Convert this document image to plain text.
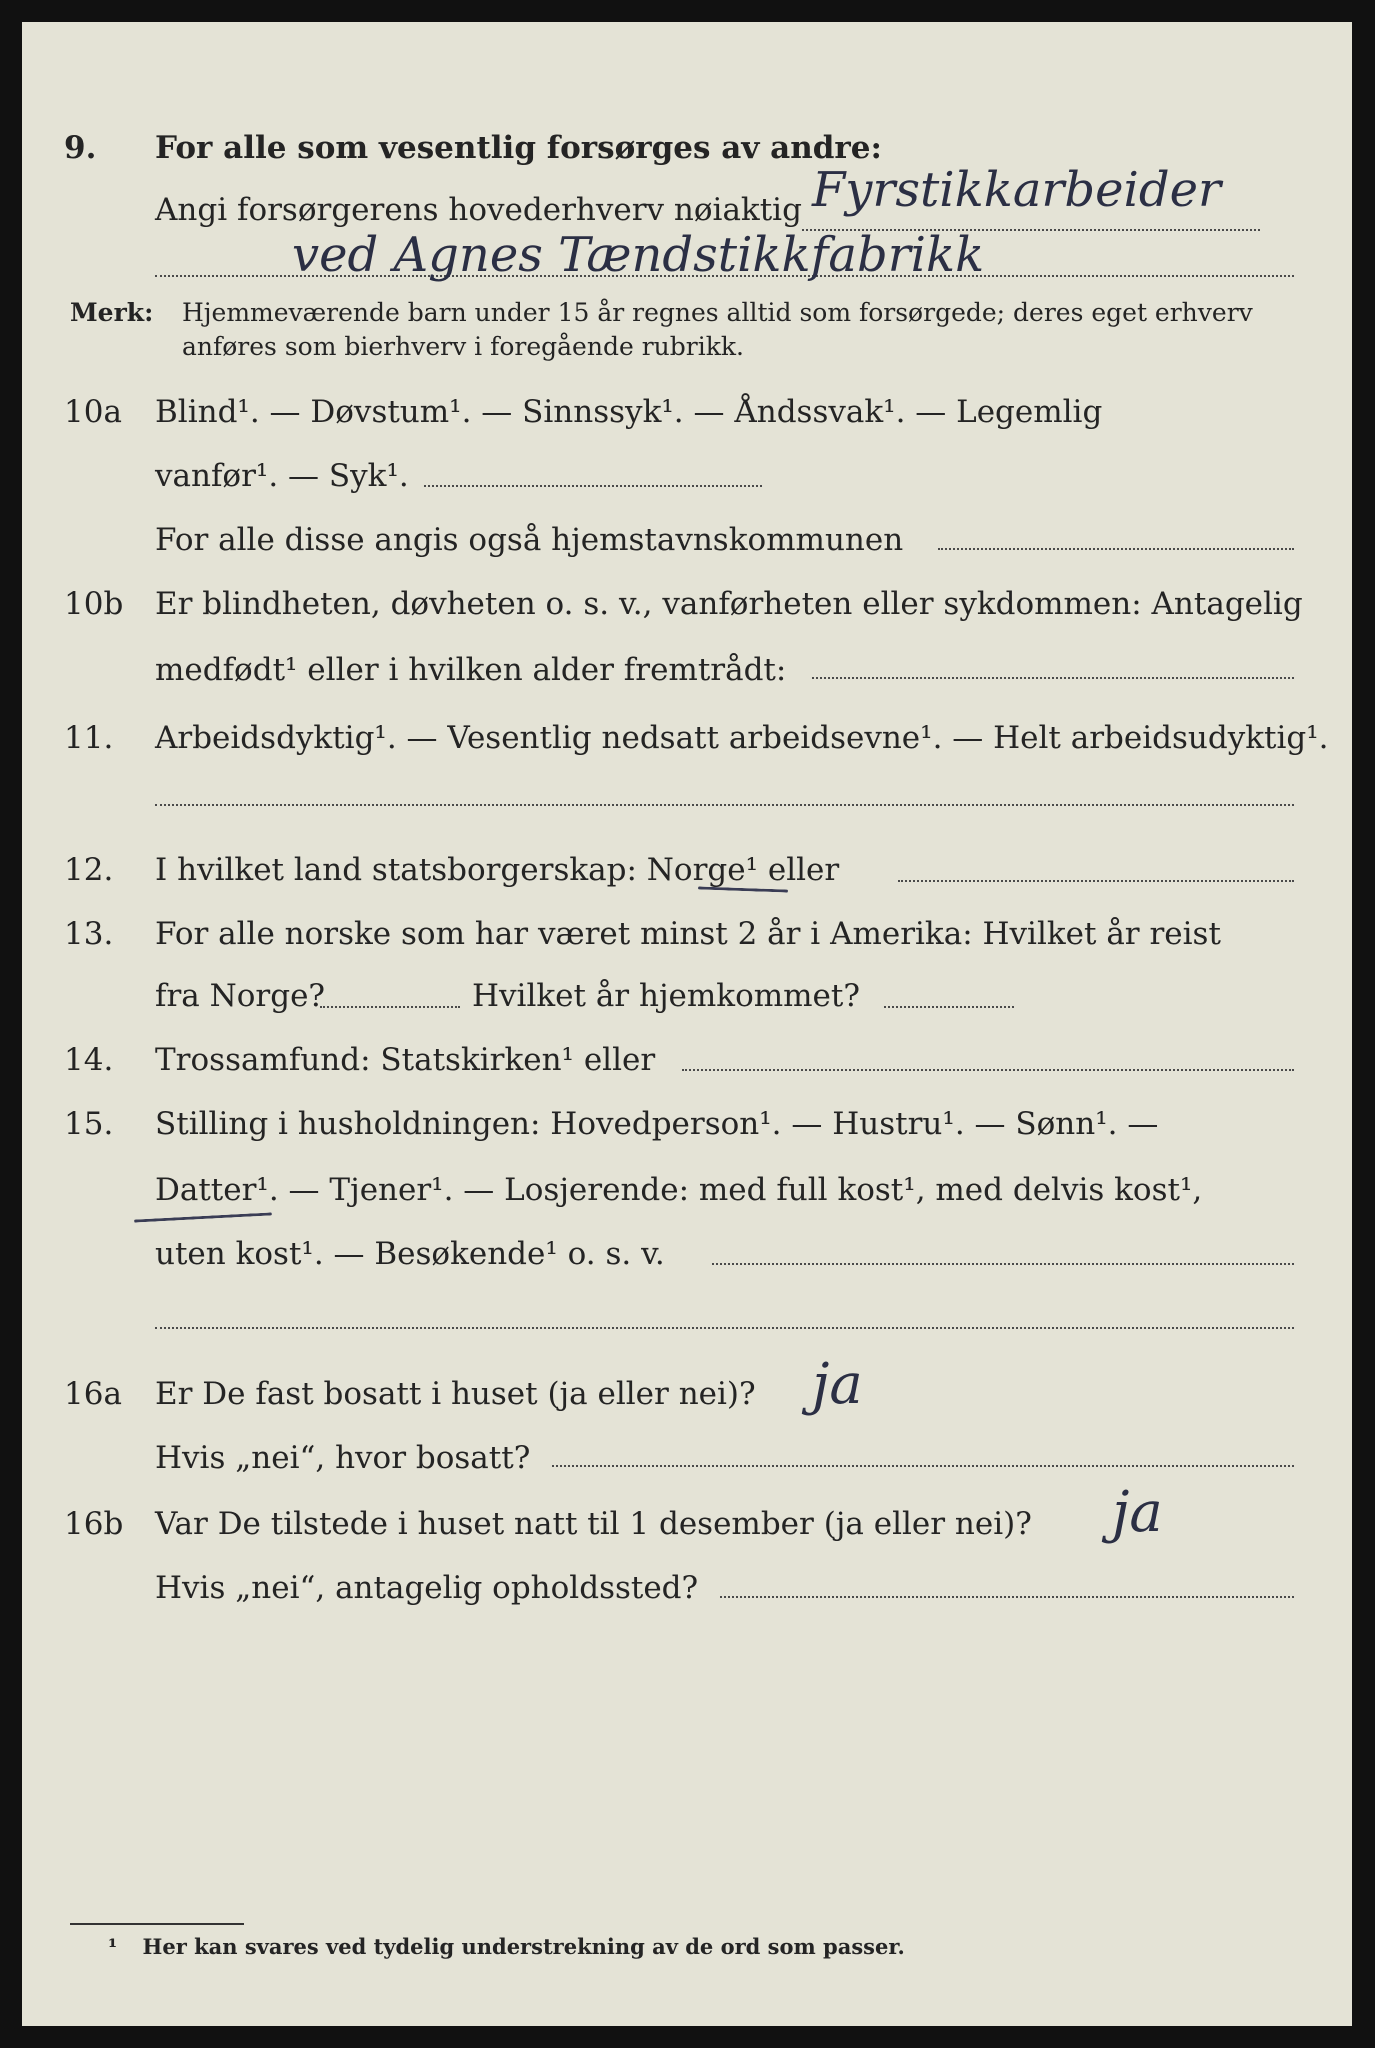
9. For alle som vesentlig forsørges av andre:
Angi forsørgerens hovederhverv nøiaktig Fyrstikkarbeider
ved Agnes Tændstikkfabrikk
Merk: Hjemmeværende barn under 15 år regnes alltid som forsørgede; deres eget erhverv
anføres som bierhverv i foregående rubrikk.
10a Blind¹. — Døvstum¹. — Sinnssyk¹. — Åndssvak¹. — Legemlig
vanfør¹. — Syk¹.
For alle disse angis også hjemstavnskommunen
10b Er blindheten, døvheten o. s. v., vanførheten eller sykdommen: Antagelig
medfødt¹ eller i hvilken alder fremtrådt:
11. Arbeidsdyktig¹. — Vesentlig nedsatt arbeidsevne¹. — Helt arbeidsudyktig¹.
12. I hvilket land statsborgerskap: Norge¹ eller
13. For alle norske som har været minst 2 år i Amerika: Hvilket år reist
fra Norge?	Hvilket år hjemkommet?
14. Trossamfund: Statskirken¹ eller
15. Stilling i husholdningen: Hovedperson¹. — Hustru¹. — Sønn¹. —
Datter¹. — Tjener¹. — Losjerende: med full kost¹, med delvis kost¹,
uten kost¹. — Besøkende¹ o. s. v.
16a Er De fast bosatt i huset (ja eller nei)? ja
Hvis „nei“, hvor bosatt?
16b Var De tilstede i huset natt til 1 desember (ja eller nei)? ja
Hvis „nei“, antagelig opholdssted?
¹ Her kan svares ved tydelig understrekning av de ord som passer.
